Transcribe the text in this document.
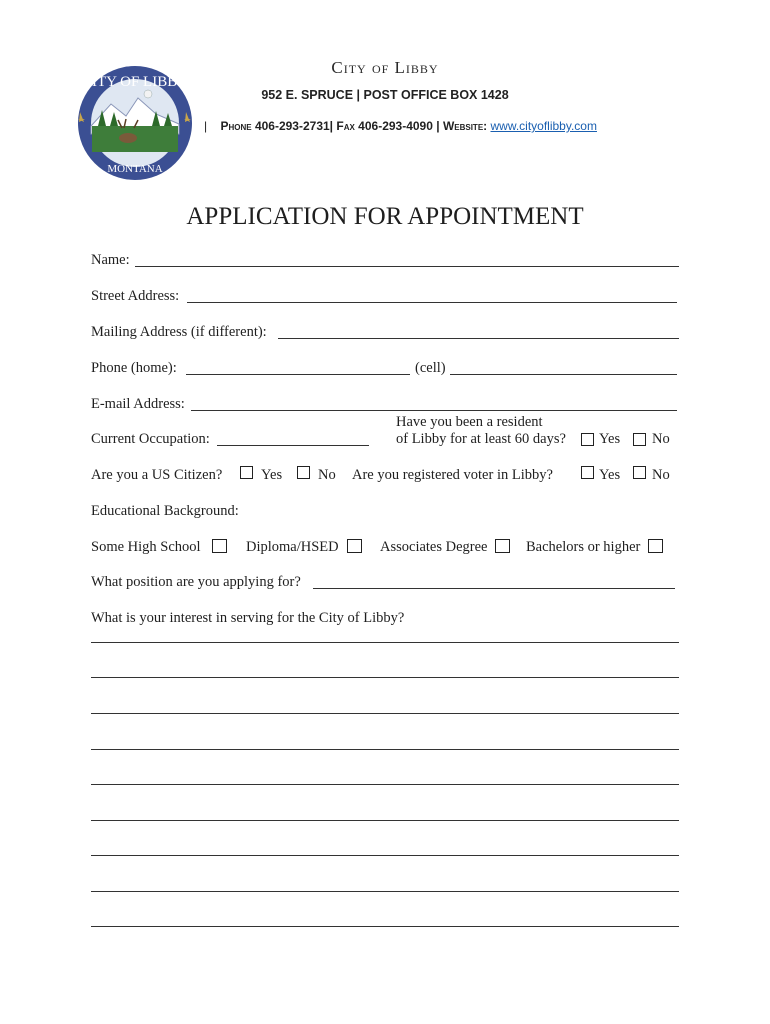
CITY OF LIBBY
MONTANA
City of Libby
952 E. SPRUCE | POST OFFICE BOX 1428
| Phone 406-293-2731| Fax 406-293-4090 | Website: www.cityoflibby.com
APPLICATION FOR APPOINTMENT
Name:
Street Address:
Mailing Address (if different):
Phone (home):	(cell)
E-mail Address:
Current Occupation:
Have you been a resident
of Libby for at least 60 days? Yes No
Are you a US Citizen?	Yes No Are you registered voter in Libby?	Yes No
Educational Background:
Some High School	Diploma/HSED	Associates Degree	Bachelors or higher
What position are you applying for?
What is your interest in serving for the City of Libby?
